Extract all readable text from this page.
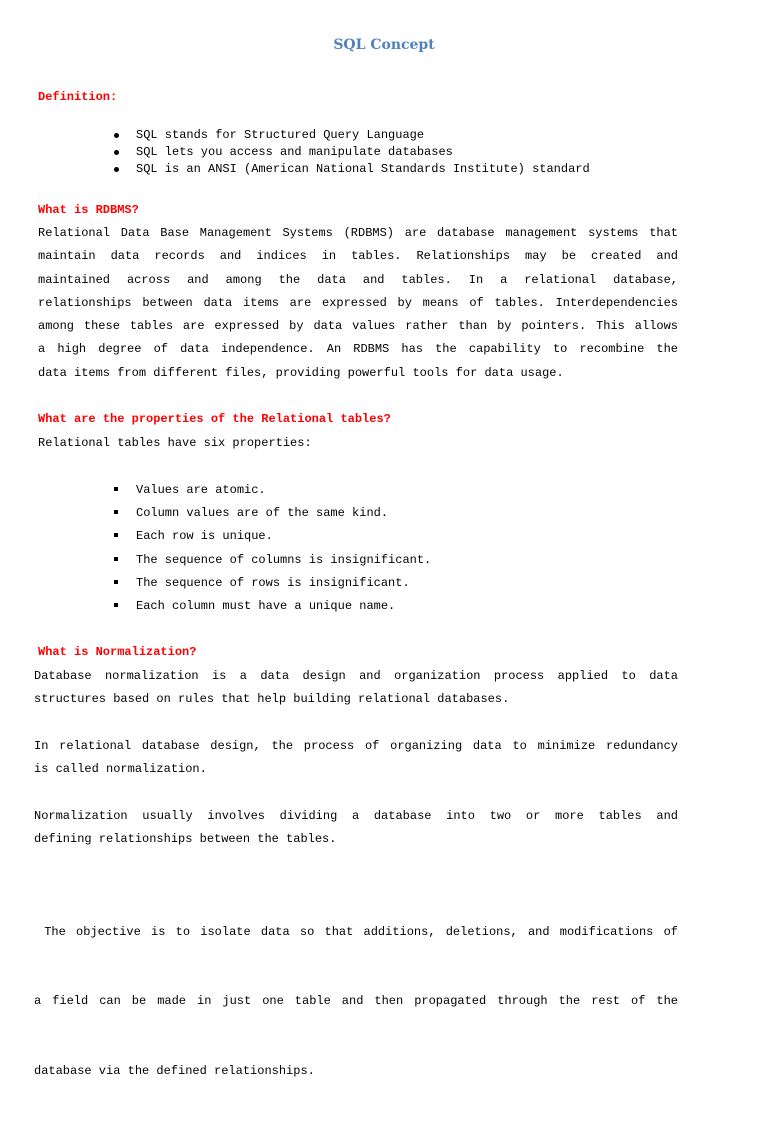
SQL Concept
Definition:
SQL stands for Structured Query Language
SQL lets you access and manipulate databases
SQL is an ANSI (American National Standards Institute) standard
What is RDBMS?
Relational Data Base Management Systems (RDBMS) are database management systems that
maintain data records and indices in tables. Relationships may be created and
maintained across and among the data and tables. In a relational database,
relationships between data items are expressed by means of tables. Interdependencies
among these tables are expressed by data values rather than by pointers. This allows
a high degree of data independence. An RDBMS has the capability to recombine the
data items from different files, providing powerful tools for data usage.
What are the properties of the Relational tables?
Relational tables have six properties:
Values are atomic.
Column values are of the same kind.
Each row is unique.
The sequence of columns is insignificant.
The sequence of rows is insignificant.
Each column must have a unique name.
What is Normalization?
Database normalization is a data design and organization process applied to data
structures based on rules that help building relational databases.
In relational database design, the process of organizing data to minimize redundancy
is called normalization.
Normalization usually involves dividing a database into two or more tables and
defining relationships between the tables.

The objective is to isolate data so that additions, deletions, and modifications of

a field can be made in just one table and then propagated through the rest of the

database via the defined relationships.
